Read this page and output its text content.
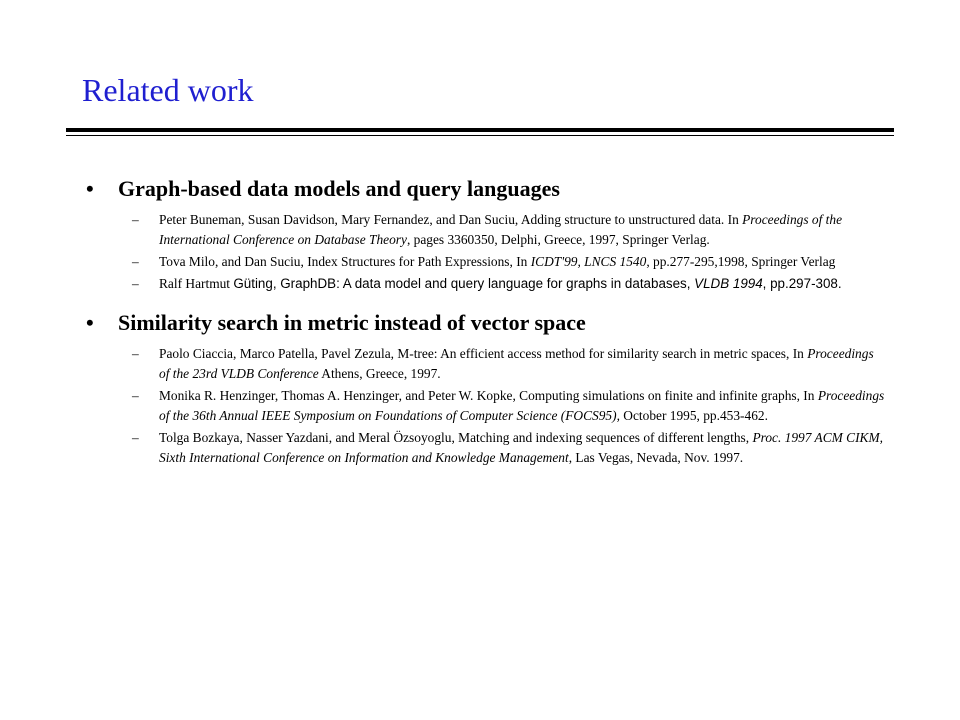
Related work
•	Graph-based data models and query languages
– Peter Buneman, Susan Davidson, Mary Fernandez, and Dan Suciu, Adding structure to unstructured data. In Proceedings of the International Conference on Database Theory, pages 3360350, Delphi, Greece, 1997, Springer Verlag.
– Tova Milo, and Dan Suciu, Index Structures for Path Expressions, In ICDT'99, LNCS 1540, pp.277-295,1998, Springer Verlag
– Ralf Hartmut Güting, GraphDB: A data model and query language for graphs in databases, VLDB 1994, pp.297-308.
•	Similarity search in metric instead of vector space
– Paolo Ciaccia, Marco Patella, Pavel Zezula, M-tree: An efficient access method for similarity search in metric spaces, In Proceedings of the 23rd VLDB Conference Athens, Greece, 1997.
– Monika R. Henzinger, Thomas A. Henzinger, and Peter W. Kopke, Computing simulations on finite and infinite graphs, In Proceedings of the 36th Annual IEEE Symposium on Foundations of Computer Science (FOCS95), October 1995, pp.453-462.
– Tolga Bozkaya, Nasser Yazdani, and Meral Özsoyoglu, Matching and indexing sequences of different lengths, Proc. 1997 ACM CIKM, Sixth International Conference on Information and Knowledge Management, Las Vegas, Nevada, Nov. 1997.
